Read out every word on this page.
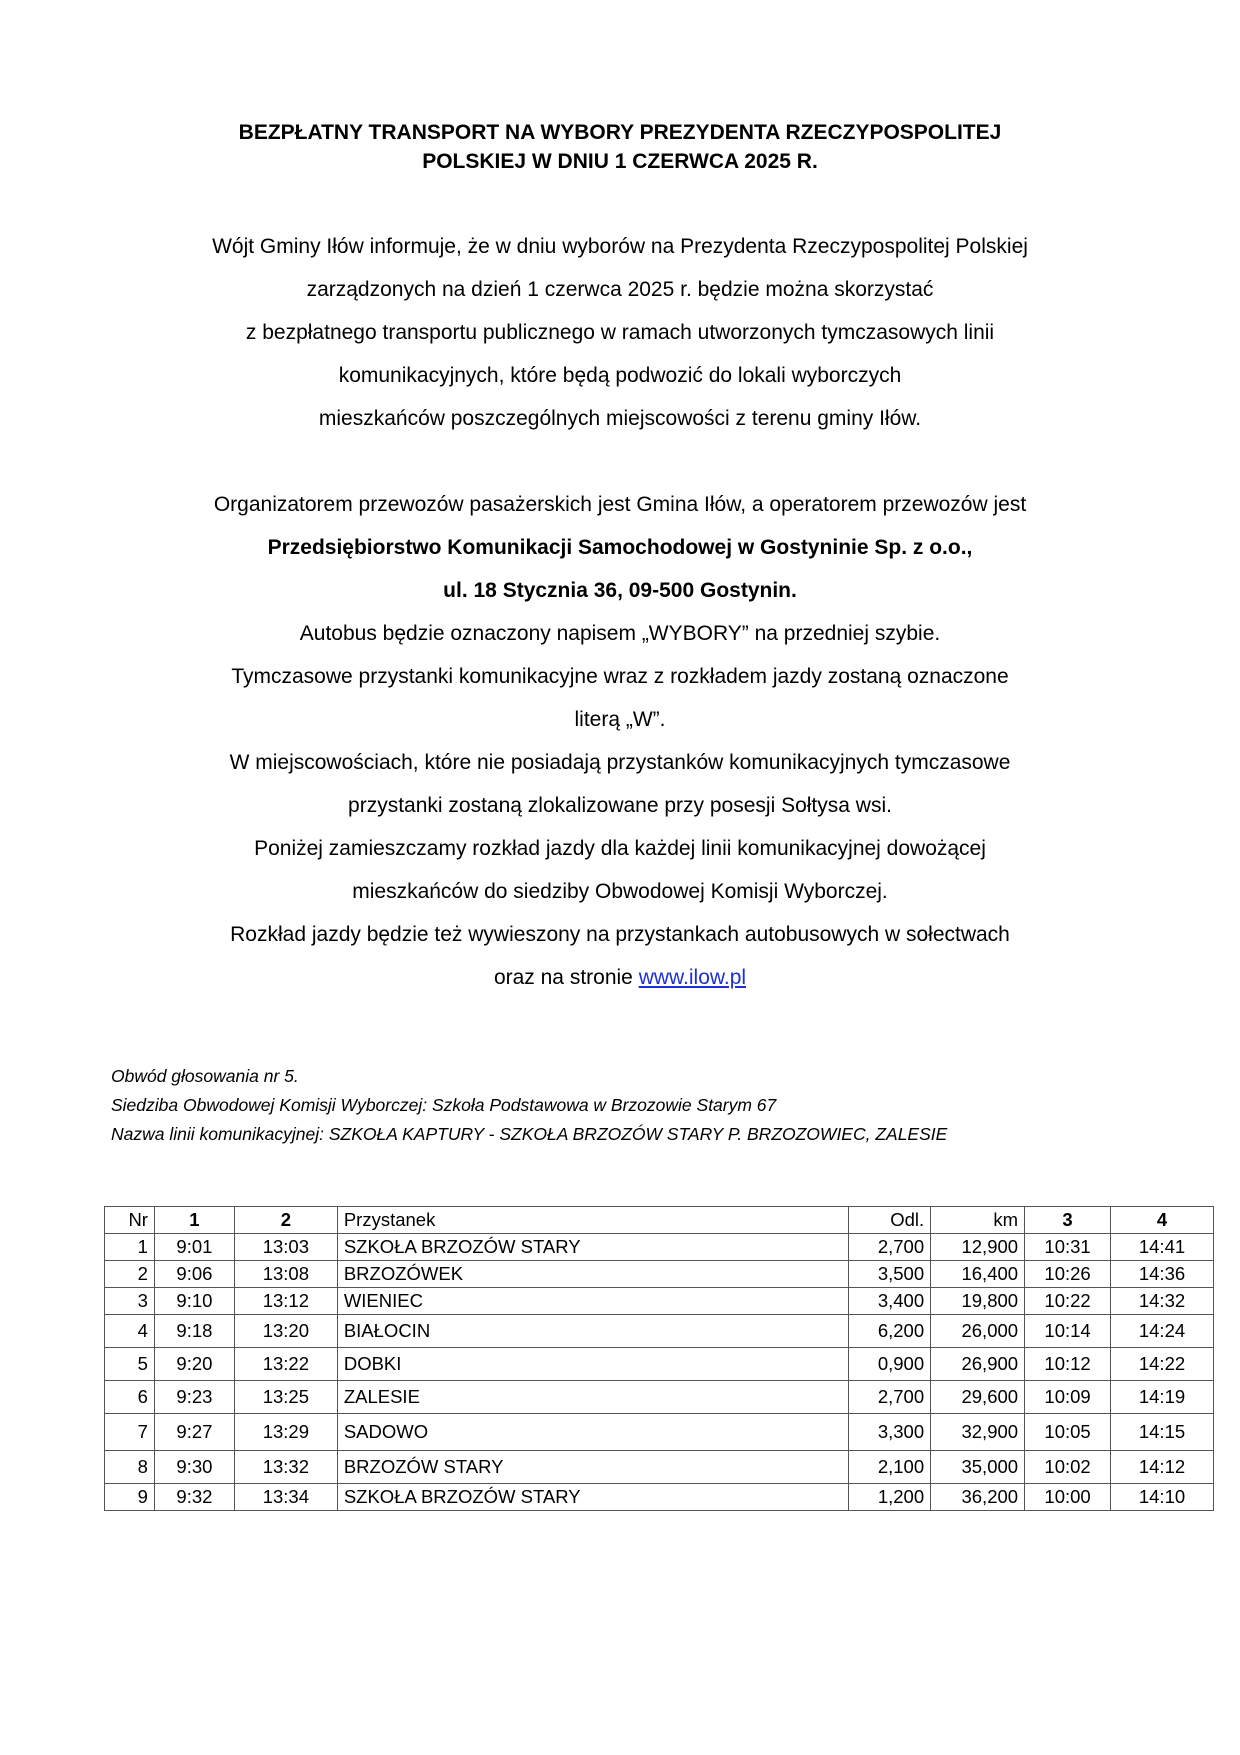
BEZPŁATNY TRANSPORT NA WYBORY PREZYDENTA RZECZYPOSPOLITEJ
POLSKIEJ W DNIU 1 CZERWCA 2025 R.
Wójt Gminy Iłów informuje, że w dniu wyborów na Prezydenta Rzeczypospolitej Polskiej
zarządzonych na dzień 1 czerwca 2025 r. będzie można skorzystać
z bezpłatnego transportu publicznego w ramach utworzonych tymczasowych linii
komunikacyjnych, które będą podwozić do lokali wyborczych
mieszkańców poszczególnych miejscowości z terenu gminy Iłów.
Organizatorem przewozów pasażerskich jest Gmina Iłów, a operatorem przewozów jest
Przedsiębiorstwo Komunikacji Samochodowej w Gostyninie Sp. z o.o.,
ul. 18 Stycznia 36, 09-500 Gostynin.
Autobus będzie oznaczony napisem „WYBORY” na przedniej szybie.
Tymczasowe przystanki komunikacyjne wraz z rozkładem jazdy zostaną oznaczone
literą „W”.
W miejscowościach, które nie posiadają przystanków komunikacyjnych tymczasowe
przystanki zostaną zlokalizowane przy posesji Sołtysa wsi.
Poniżej zamieszczamy rozkład jazdy dla każdej linii komunikacyjnej dowożącej
mieszkańców do siedziby Obwodowej Komisji Wyborczej.
Rozkład jazdy będzie też wywieszony na przystankach autobusowych w sołectwach
oraz na stronie www.ilow.pl
Obwód głosowania nr 5.
Siedziba Obwodowej Komisji Wyborczej: Szkoła Podstawowa w Brzozowie Starym 67
Nazwa linii komunikacyjnej: SZKOŁA KAPTURY - SZKOŁA BRZOZÓW STARY P. BRZOZOWIEC, ZALESIE
Nr	1	2	Przystanek	Odl.	km	3	4
1	9:01	13:03	SZKOŁA BRZOZÓW STARY	2,700	12,900	10:31	14:41
2	9:06	13:08	BRZOZÓWEK	3,500	16,400	10:26	14:36
3	9:10	13:12	WIENIEC	3,400	19,800	10:22	14:32
4	9:18	13:20	BIAŁOCIN	6,200	26,000	10:14	14:24
5	9:20	13:22	DOBKI	0,900	26,900	10:12	14:22
6	9:23	13:25	ZALESIE	2,700	29,600	10:09	14:19
7	9:27	13:29	SADOWO	3,300	32,900	10:05	14:15
8	9:30	13:32	BRZOZÓW STARY	2,100	35,000	10:02	14:12
9	9:32	13:34	SZKOŁA BRZOZÓW STARY	1,200	36,200	10:00	14:10
